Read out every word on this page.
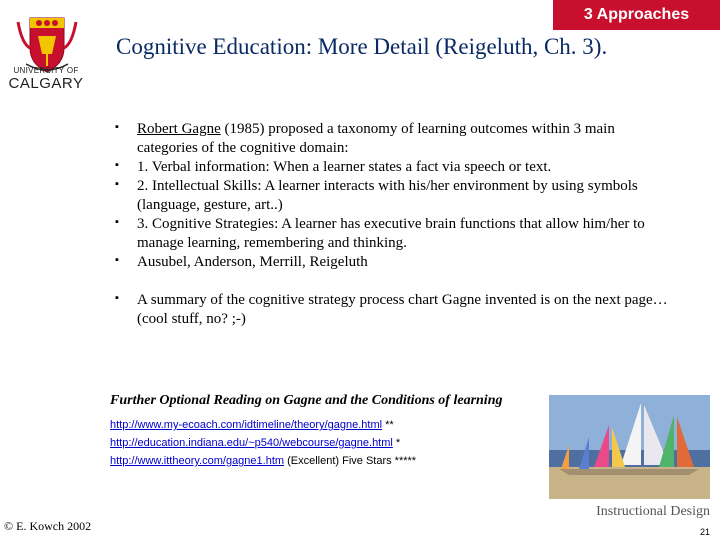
3 Approaches
UNIVERSITY OF
CALGARY
Cognitive Education: More Detail (Reigeluth, Ch. 3).

▪ Robert Gagne (1985) proposed a taxonomy of learning outcomes within 3 main categories of the cognitive domain:

▪ 1. Verbal information: When a learner states a fact via speech or text.

▪ 2. Intellectual Skills: A learner interacts with his/her environment by using symbols (language, gesture, art..)

▪ 3. Cognitive Strategies: A learner has executive brain functions that allow him/her to manage learning, remembering and thinking.

▪ Ausubel, Anderson, Merrill, Reigeluth

▪ A summary of the cognitive strategy process chart Gagne invented is on the next page… (cool stuff, no? ;-)

Further Optional Reading on Gagne and the Conditions of learning
http://www.my-ecoach.com/idtimeline/theory/gagne.html **
http://education.indiana.edu/~p540/webcourse/gagne.html *
http://www.ittheory.com/gagne1.htm (Excellent) Five Stars *****
© E. Kowch 2002
Instructional Design
21
